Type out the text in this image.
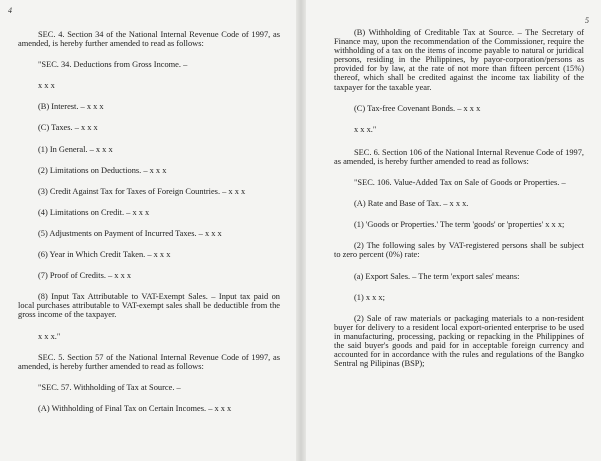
4

SEC. 4. Section 34 of the National Internal Revenue Code of 1997, as amended, is hereby further amended to read as follows:

"SEC. 34. Deductions from Gross Income. –

x x x

(B) Interest. – x x x

(C) Taxes. – x x x

(1) In General. – x x x

(2) Limitations on Deductions. – x x x

(3) Credit Against Tax for Taxes of Foreign Countries. – x x x

(4) Limitations on Credit. – x x x

(5) Adjustments on Payment of Incurred Taxes. – x x x

(6) Year in Which Credit Taken. – x x x

(7) Proof of Credits. – x x x

(8) Input Tax Attributable to VAT-Exempt Sales. – Input tax paid on local purchases attributable to VAT-exempt sales shall be deductible from the gross income of the taxpayer.

x x x."

SEC. 5. Section 57 of the National Internal Revenue Code of 1997, as amended, is hereby further amended to read as follows:

"SEC. 57. Withholding of Tax at Source. –

(A) Withholding of Final Tax on Certain Incomes. – x x x

5

(B) Withholding of Creditable Tax at Source. – The Secretary of Finance may, upon the recommendation of the Commissioner, require the withholding of a tax on the items of income payable to natural or juridical persons, residing in the Philippines, by payor-corporation/persons as provided for by law, at the rate of not more than fifteen percent (15%) thereof, which shall be credited against the income tax liability of the taxpayer for the taxable year.

(C) Tax-free Covenant Bonds. – x x x

x x x."

SEC. 6. Section 106 of the National Internal Revenue Code of 1997, as amended, is hereby further amended to read as follows:

"SEC. 106. Value-Added Tax on Sale of Goods or Properties. –

(A) Rate and Base of Tax. – x x x.

(1) 'Goods or Properties.' The term 'goods' or 'properties' x x x;

(2) The following sales by VAT-registered persons shall be subject to zero percent (0%) rate:

(a) Export Sales. – The term 'export sales' means:

(1) x x x;

(2) Sale of raw materials or packaging materials to a non-resident buyer for delivery to a resident local export-oriented enterprise to be used in manufacturing, processing, packing or repacking in the Philippines of the said buyer's goods and paid for in acceptable foreign currency and accounted for in accordance with the rules and regulations of the Bangko Sentral ng Pilipinas (BSP);
